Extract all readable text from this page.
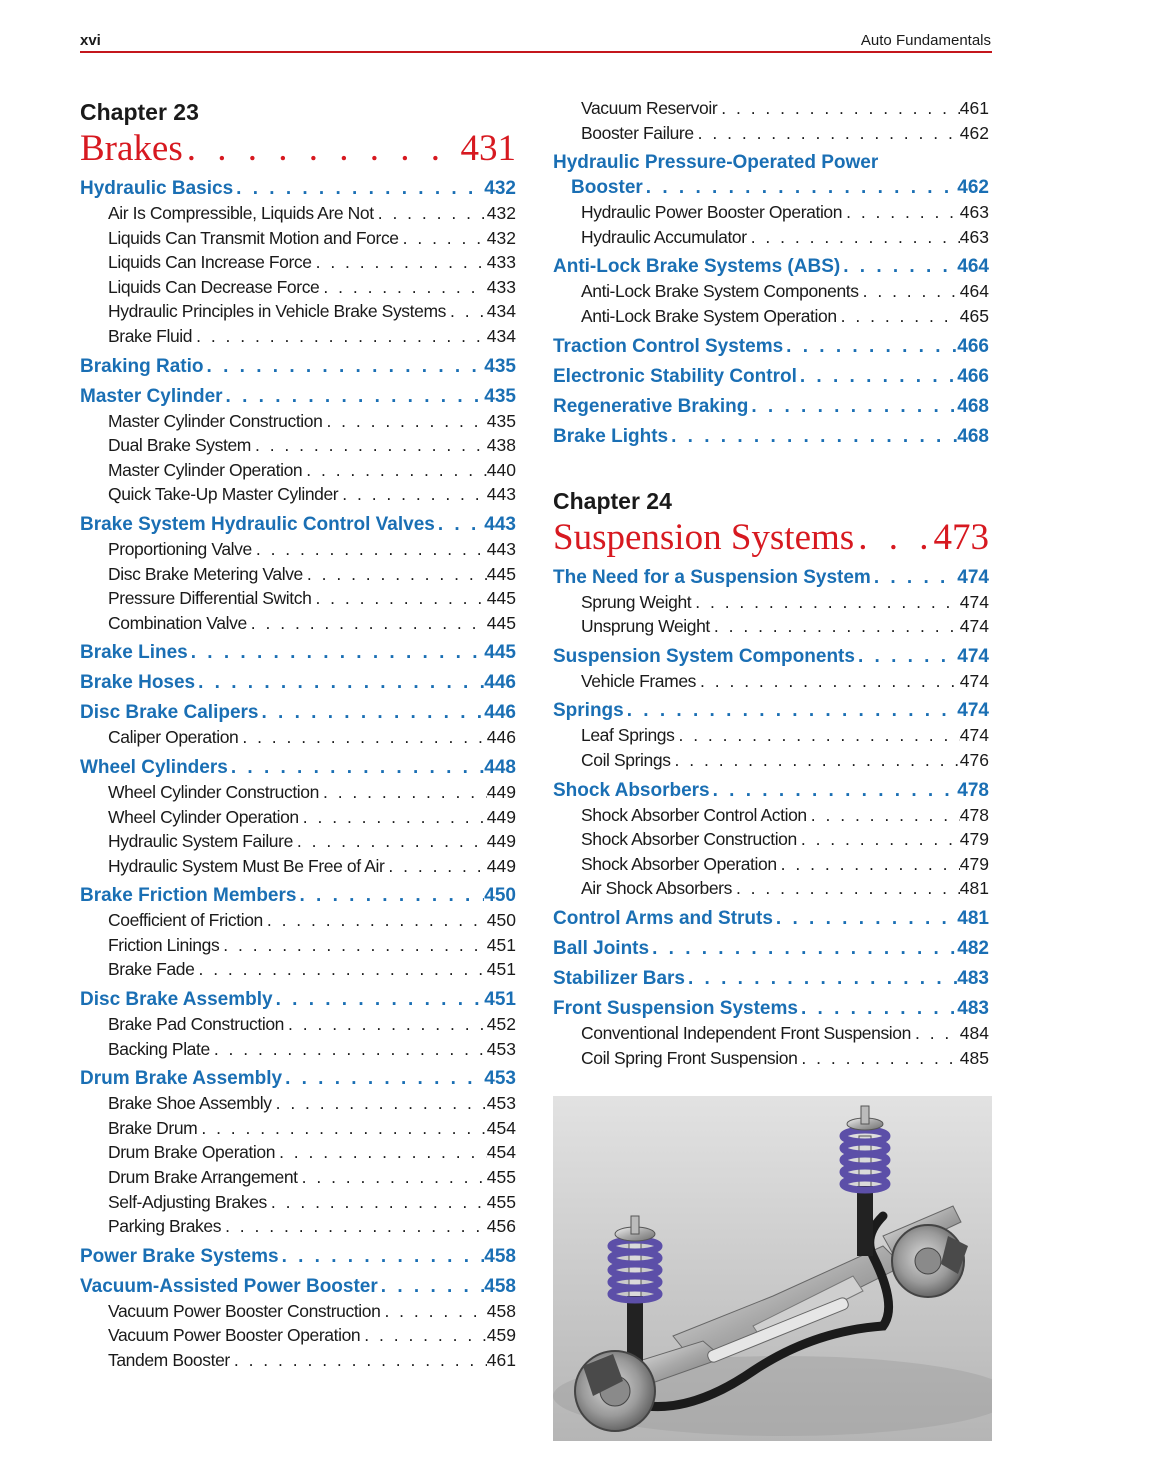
xvi	Auto Fundamentals
Chapter 23
Brakes . . .	431
Hydraulic Basics . . .	432
Air Is Compressible, Liquids Are Not . . .	432
Liquids Can Transmit Motion and Force . . .	432
Liquids Can Increase Force . . .	433
Liquids Can Decrease Force . . .	433
Hydraulic Principles in Vehicle Brake Systems . . . 434
Brake Fluid . . .	434
Braking Ratio . . .	435
Master Cylinder . . .	435
Master Cylinder Construction . . .	435
Dual Brake System . . .	438
Master Cylinder Operation . . .	440
Quick Take-Up Master Cylinder . . .	443
Brake System Hydraulic Control Valves . . .	443
Proportioning Valve . . .	443
Disc Brake Metering Valve . . .	445
Pressure Differential Switch . . .	445
Combination Valve . . .	445
Brake Lines . . .	445
Brake Hoses . . .	446
Disc Brake Calipers . . .	446
Caliper Operation . . .	446
Wheel Cylinders . . .	448
Wheel Cylinder Construction . . .	449
Wheel Cylinder Operation . . .	449
Hydraulic System Failure . . .	449
Hydraulic System Must Be Free of Air . . .	449
Brake Friction Members . . .	450
Coefficient of Friction . . .	450
Friction Linings . . .	451
Brake Fade . . .	451
Disc Brake Assembly . . .	451
Brake Pad Construction . . .	452
Backing Plate . . .	453
Drum Brake Assembly . . .	453
Brake Shoe Assembly . . .	453
Brake Drum . . .	454
Drum Brake Operation . . .	454
Drum Brake Arrangement . . .	455
Self-Adjusting Brakes . . .	455
Parking Brakes . . .	456
Power Brake Systems . . .	458
Vacuum-Assisted Power Booster . . .	458
Vacuum Power Booster Construction . . .	458
Vacuum Power Booster Operation . . .	459
Tandem Booster . . .	461
Vacuum Reservoir . . .	461
Booster Failure . . .	462
Hydraulic Pressure-Operated Power
Booster . . .	462
Hydraulic Power Booster Operation . . .	463
Hydraulic Accumulator . . .	463
Anti-Lock Brake Systems (ABS) . . .	464
Anti-Lock Brake System Components . . .	464
Anti-Lock Brake System Operation . . .	465
Traction Control Systems . . .	466
Electronic Stability Control . . .	466
Regenerative Braking . . .	468
Brake Lights . . .	468
Chapter 24
Suspension Systems . . . 473
The Need for a Suspension System . . .	474
Sprung Weight . . .	474
Unsprung Weight . . .	474
Suspension System Components . . .	474
Vehicle Frames . . .	474
Springs . . .	474
Leaf Springs . . .	474
Coil Springs . . .	476
Shock Absorbers . . .	478
Shock Absorber Control Action . . .	478
Shock Absorber Construction . . .	479
Shock Absorber Operation . . .	479
Air Shock Absorbers . . .	481
Control Arms and Struts . . .	481
Ball Joints . . .	482
Stabilizer Bars . . .	483
Front Suspension Systems . . .	483
Conventional Independent Front Suspension . . .	484
Coil Spring Front Suspension . . .	485
